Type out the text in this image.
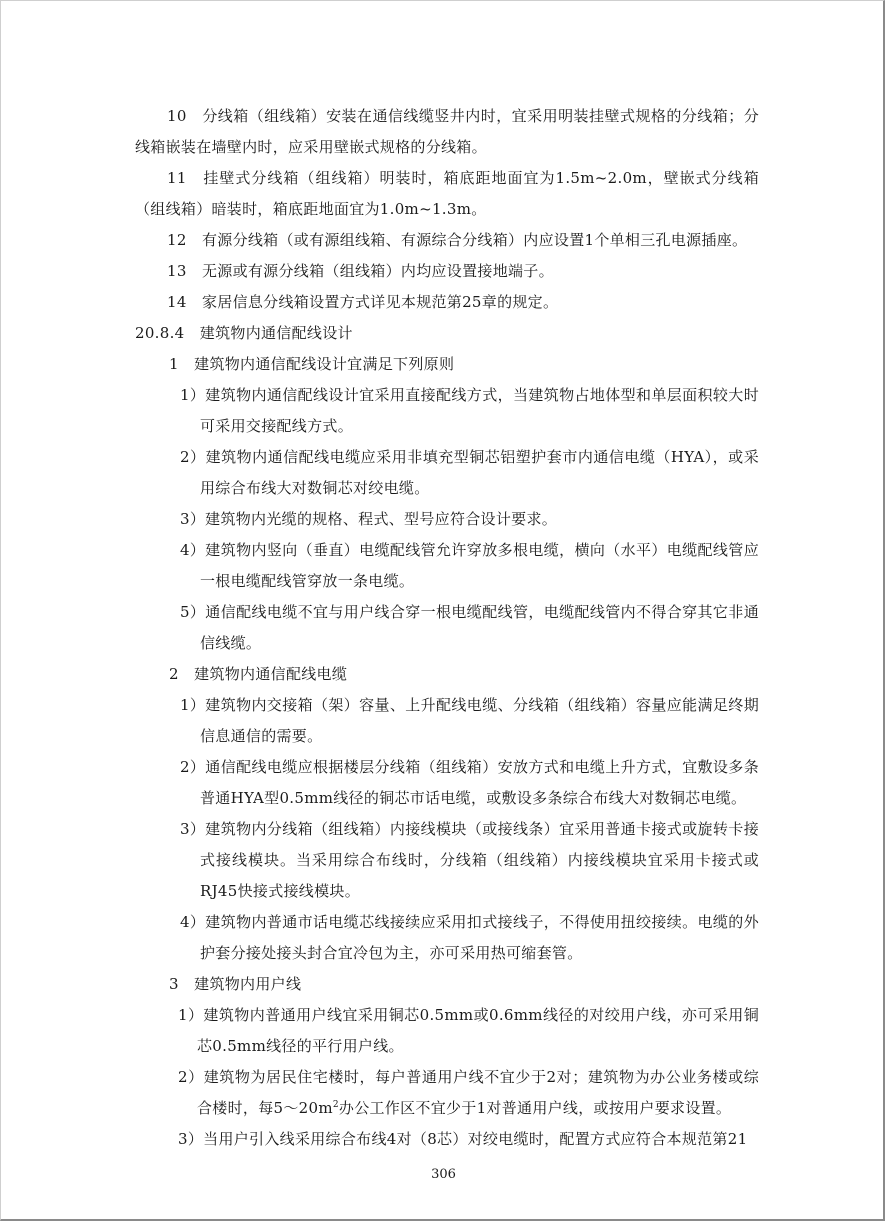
10　分线箱（组线箱）安装在通信线缆竖井内时，宜采用明装挂壁式规格的分线箱；分线箱嵌装在墙壁内时，应采用壁嵌式规格的分线箱。

11　挂壁式分线箱（组线箱）明装时，箱底距地面宜为1.5m~2.0m，壁嵌式分线箱（组线箱）暗装时，箱底距地面宜为1.0m~1.3m。

12　有源分线箱（或有源组线箱、有源综合分线箱）内应设置1个单相三孔电源插座。

13　无源或有源分线箱（组线箱）内均应设置接地端子。

14　家居信息分线箱设置方式详见本规范第25章的规定。

20.8.4　建筑物内通信配线设计

1　建筑物内通信配线设计宜满足下列原则

1）建筑物内通信配线设计宜采用直接配线方式，当建筑物占地体型和单层面积较大时可采用交接配线方式。

2）建筑物内通信配线电缆应采用非填充型铜芯铝塑护套市内通信电缆（HYA），或采用综合布线大对数铜芯对绞电缆。

3）建筑物内光缆的规格、程式、型号应符合设计要求。

4）建筑物内竖向（垂直）电缆配线管允许穿放多根电缆，横向（水平）电缆配线管应一根电缆配线管穿放一条电缆。

5）通信配线电缆不宜与用户线合穿一根电缆配线管，电缆配线管内不得合穿其它非通信线缆。

2　建筑物内通信配线电缆

1）建筑物内交接箱（架）容量、上升配线电缆、分线箱（组线箱）容量应能满足终期信息通信的需要。

2）通信配线电缆应根据楼层分线箱（组线箱）安放方式和电缆上升方式，宜敷设多条普通HYA型0.5mm线径的铜芯市话电缆，或敷设多条综合布线大对数铜芯电缆。

3）建筑物内分线箱（组线箱）内接线模块（或接线条）宜采用普通卡接式或旋转卡接式接线模块。当采用综合布线时，分线箱（组线箱）内接线模块宜采用卡接式或RJ45快接式接线模块。

4）建筑物内普通市话电缆芯线接续应采用扣式接线子，不得使用扭绞接续。电缆的外护套分接处接头封合宜冷包为主，亦可采用热可缩套管。

3　建筑物内用户线

1）建筑物内普通用户线宜采用铜芯0.5mm或0.6mm线径的对绞用户线，亦可采用铜芯0.5mm线径的平行用户线。

2）建筑物为居民住宅楼时，每户普通用户线不宜少于2对；建筑物为办公业务楼或综合楼时，每$5\sim 20m^2$办公工作区不宜少于1对普通用户线，或按用户要求设置。

3）当用户引入线采用综合布线4对（8芯）对绞电缆时，配置方式应符合本规范第21

306
